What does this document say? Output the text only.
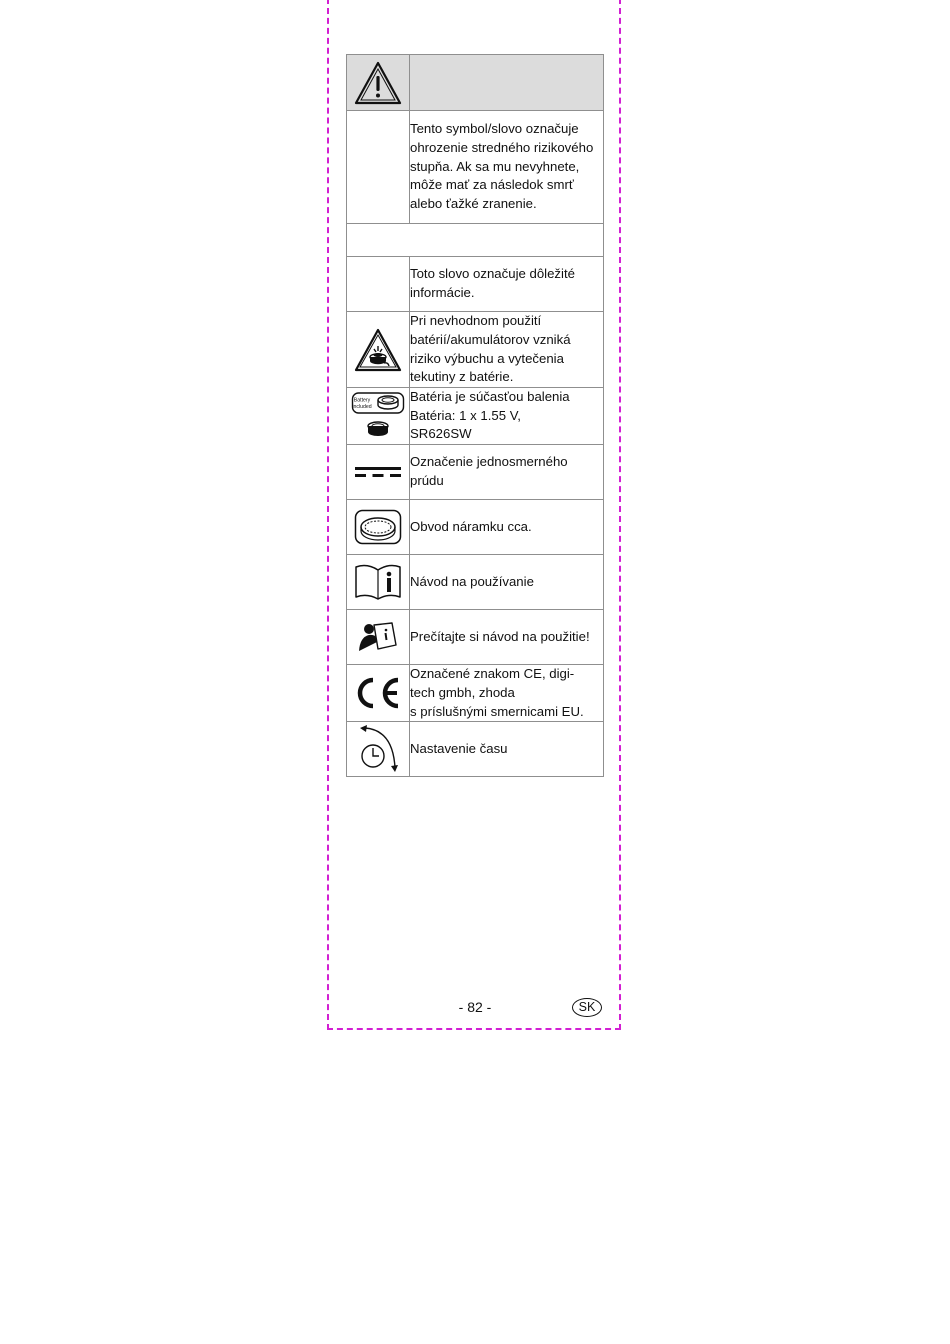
	Tento symbol/slovo označuje ohrozenie stredného rizikového stupňa. Ak sa mu nevyhnete, môže mať za následok smrť alebo ťažké zranenie.

	Toto slovo označuje dôležité informácie.
	Pri nevhodnom použití batérií/akumulátorov vzniká riziko výbuchu a vytečenia tekutiny z batérie.

Battery
included	Batéria je súčasťou balenia
Batéria: 1 x 1.55 V,
SR626SW
	Označenie jednosmerného prúdu
	Obvod náramku cca.
	Návod na používanie
	Prečítajte si návod na použitie!
	Označené znakom CE, digi-
tech gmbh, zhoda
s príslušnými smernicami EU.
	Nastavenie času
- 82 -	SK
